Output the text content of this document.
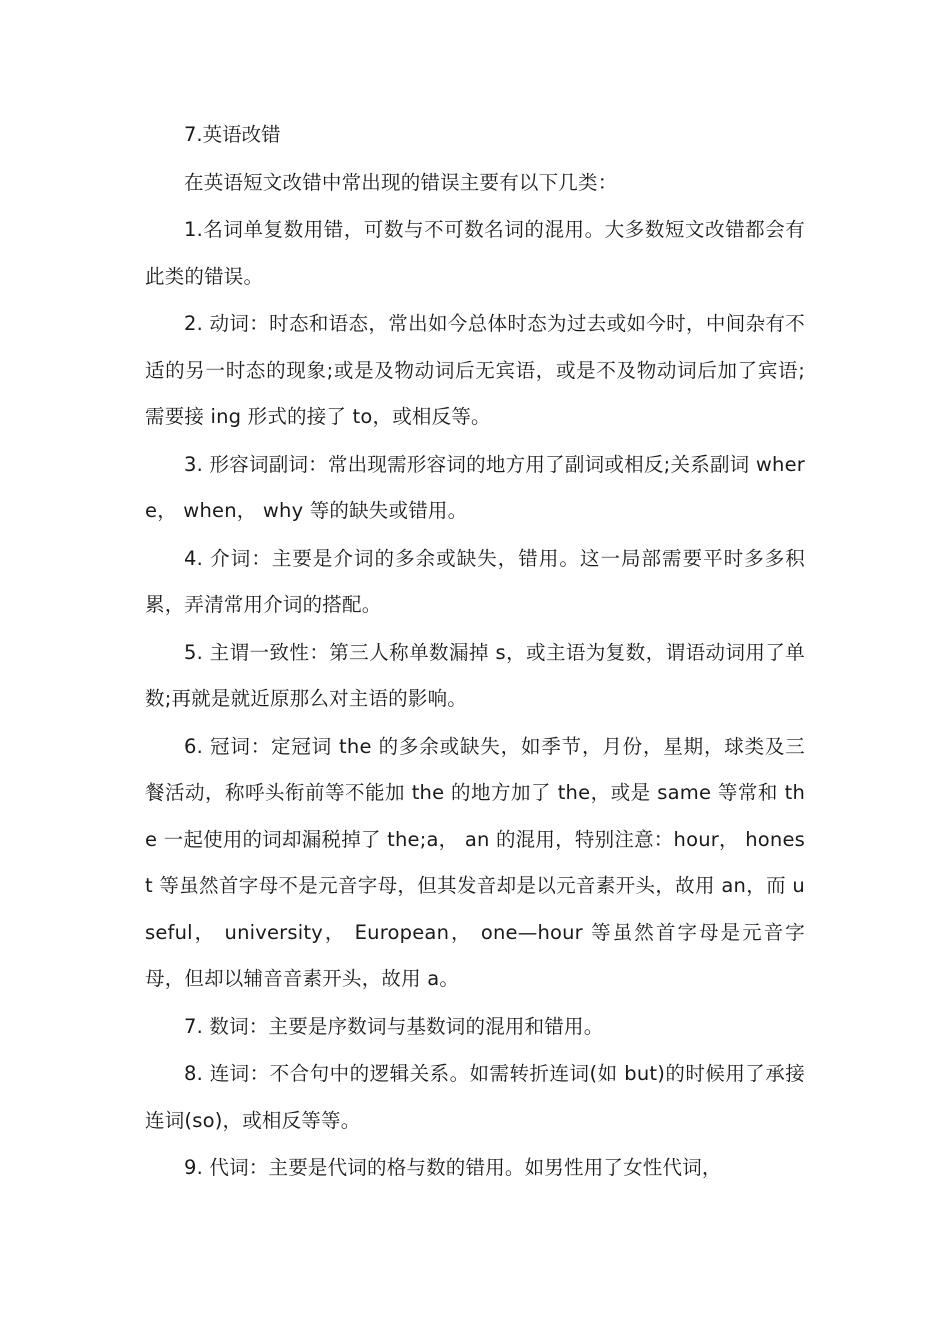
7.英语改错

在英语短文改错中常出现的错误主要有以下几类：

1.名词单复数用错，可数与不可数名词的混用。大多数短文改错都会有此类的错误。

2. 动词：时态和语态，常出如今总体时态为过去或如今时，中间杂有不适的另一时态的现象;或是及物动词后无宾语，或是不及物动词后加了宾语;需要接 ing 形式的接了 to，或相反等。

3. 形容词副词：常出现需形容词的地方用了副词或相反;关系副词 where， when， why 等的缺失或错用。

4. 介词：主要是介词的多余或缺失，错用。这一局部需要平时多多积累，弄清常用介词的搭配。

5. 主谓一致性：第三人称单数漏掉 s，或主语为复数，谓语动词用了单数;再就是就近原那么对主语的影响。

6. 冠词：定冠词 the 的多余或缺失，如季节，月份，星期，球类及三餐活动，称呼头衔前等不能加 the 的地方加了 the，或是 same 等常和 the 一起使用的词却漏税掉了 the;a， an 的混用，特别注意：hour， honest 等虽然首字母不是元音字母，但其发音却是以元音素开头，故用 an，而 useful， university， European， one—hour 等虽然首字母是元音字母，但却以辅音音素开头，故用 a。

7. 数词：主要是序数词与基数词的混用和错用。

8. 连词：不合句中的逻辑关系。如需转折连词(如 but)的时候用了承接连词(so)，或相反等等。

9. 代词：主要是代词的格与数的错用。如男性用了女性代词，
